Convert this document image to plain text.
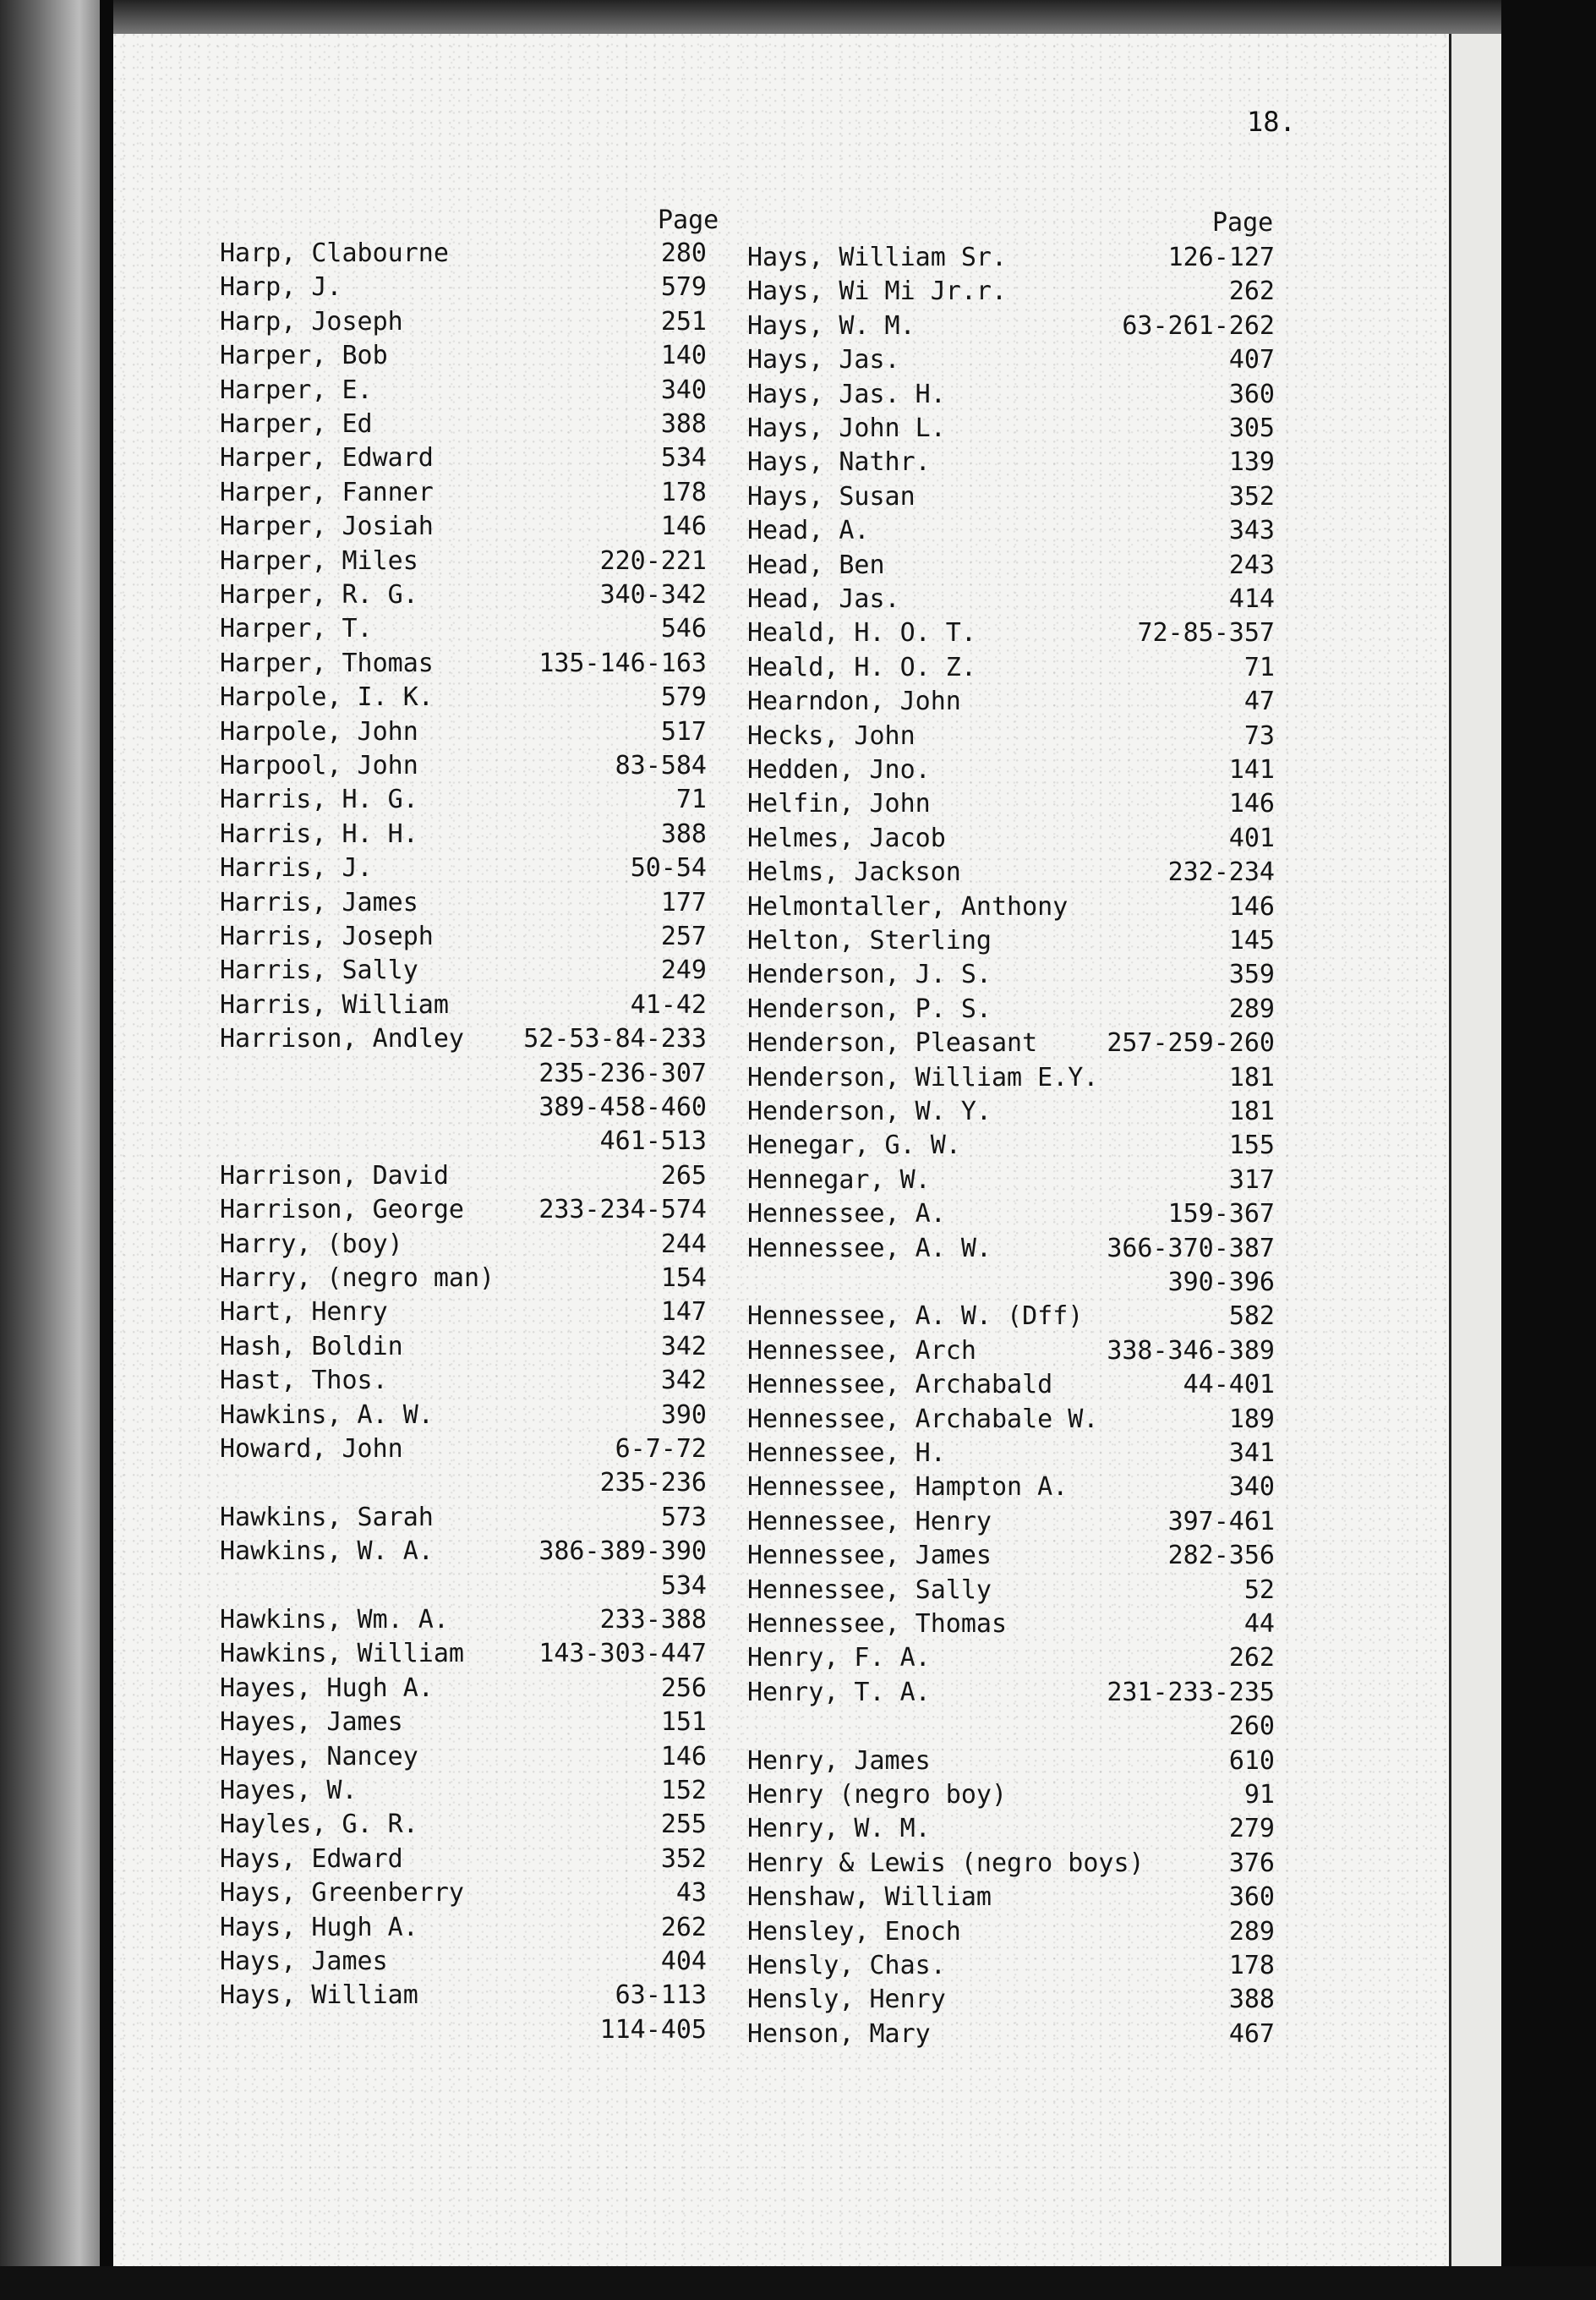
18.
Page	Page
Harp, Clabourne	280
Harp, J.	579
Harp, Joseph	251
Harper, Bob	140
Harper, E.	340
Harper, Ed	388
Harper, Edward	534
Harper, Fanner	178
Harper, Josiah	146
Harper, Miles	220-221
Harper, R. G.	340-342
Harper, T.	546
Harper, Thomas	135-146-163
Harpole, I. K.	579
Harpole, John	517
Harpool, John	83-584
Harris, H. G.	71
Harris, H. H.	388
Harris, J.	50-54
Harris, James	177
Harris, Joseph	257
Harris, Sally	249
Harris, William	41-42
Harrison, Andley 52-53-84-233
235-236-307
389-458-460
461-513
Harrison, David	265
Harrison, George	233-234-574
Harry, (boy)	244
Harry, (negro man)	154
Hart, Henry	147
Hash, Boldin	342
Hast, Thos.	342
Hawkins, A. W.	390
Howard, John	6-7-72
235-236
Hawkins, Sarah	573
Hawkins, W. A.	386-389-390
534
Hawkins, Wm. A.	233-388
Hawkins, William	143-303-447
Hayes, Hugh A.	256
Hayes, James	151
Hayes, Nancey	146
Hayes, W.	152
Hayles, G. R.	255
Hays, Edward	352
Hays, Greenberry	43
Hays, Hugh A.	262
Hays, James	404
Hays, William	63-113
114-405
Hays, William Sr.	126-127
Hays, Wi Mi Jr.r.	262
Hays, W. M.	63-261-262
Hays, Jas.	407
Hays, Jas. H.	360
Hays, John L.	305
Hays, Nathr.	139
Hays, Susan	352
Head, A.	343
Head, Ben	243
Head, Jas.	414
Heald, H. O. T.	72-85-357
Heald, H. O. Z.	71
Hearndon, John	47
Hecks, John	73
Hedden, Jno.	141
Helfin, John	146
Helmes, Jacob	401
Helms, Jackson	232-234
Helmontaller, Anthony	146
Helton, Sterling	145
Henderson, J. S.	359
Henderson, P. S.	289
Henderson, Pleasant	257-259-260
Henderson, William E.Y.	181
Henderson, W. Y.	181
Henegar, G. W.	155
Hennegar, W.	317
Hennessee, A.	159-367
Hennessee, A. W.	366-370-387
390-396
Hennessee, A. W. (Dff)	582
Hennessee, Arch	338-346-389
Hennessee, Archabald	44-401
Hennessee, Archabale W.	189
Hennessee, H.	341
Hennessee, Hampton A.	340
Hennessee, Henry	397-461
Hennessee, James	282-356
Hennessee, Sally	52
Hennessee, Thomas	44
Henry, F. A.	262
Henry, T. A.	231-233-235
260
Henry, James	610
Henry (negro boy)	91
Henry, W. M.	279
Henry & Lewis (negro boys)	376
Henshaw, William	360
Hensley, Enoch	289
Hensly, Chas.	178
Hensly, Henry	388
Henson, Mary	467
